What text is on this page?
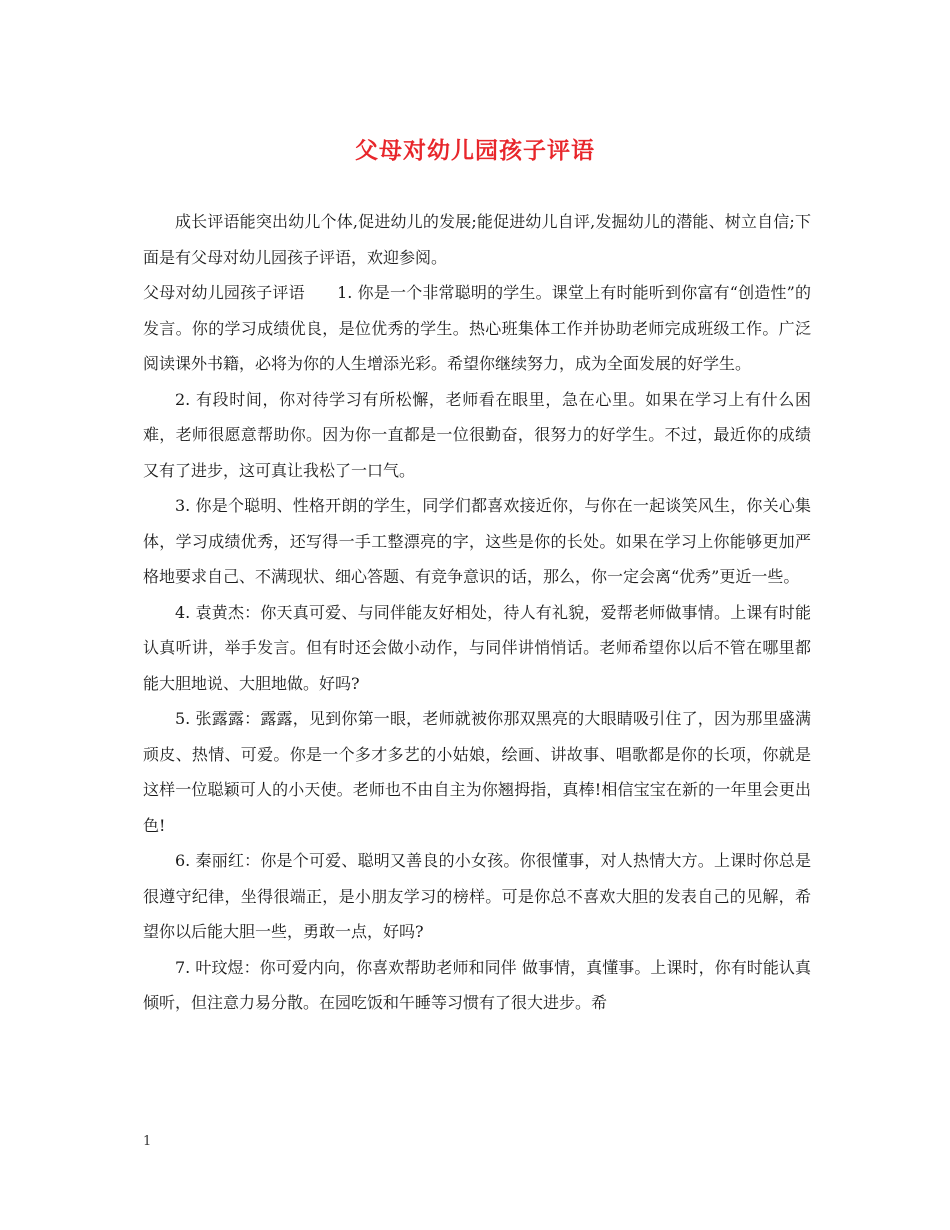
父母对幼儿园孩子评语

成长评语能突出幼儿个体,促进幼儿的发展;能促进幼儿自评,发掘幼儿的潜能、树立自信;下面是有父母对幼儿园孩子评语，欢迎参阅。

父母对幼儿园孩子评语　　1. 你是一个非常聪明的学生。课堂上有时能听到你富有“创造性”的发言。你的学习成绩优良，是位优秀的学生。热心班集体工作并协助老师完成班级工作。广泛阅读课外书籍，必将为你的人生增添光彩。希望你继续努力，成为全面发展的好学生。

2. 有段时间，你对待学习有所松懈，老师看在眼里，急在心里。如果在学习上有什么困难，老师很愿意帮助你。因为你一直都是一位很勤奋，很努力的好学生。不过，最近你的成绩又有了进步，这可真让我松了一口气。

3. 你是个聪明、性格开朗的学生，同学们都喜欢接近你，与你在一起谈笑风生，你关心集体，学习成绩优秀，还写得一手工整漂亮的字，这些是你的长处。如果在学习上你能够更加严格地要求自己、不满现状、细心答题、有竞争意识的话，那么，你一定会离“优秀”更近一些。

4. 袁黄杰：你天真可爱、与同伴能友好相处，待人有礼貌，爱帮老师做事情。上课有时能认真听讲，举手发言。但有时还会做小动作，与同伴讲悄悄话。老师希望你以后不管在哪里都能大胆地说、大胆地做。好吗?

5. 张露露：露露，见到你第一眼，老师就被你那双黑亮的大眼睛吸引住了，因为那里盛满顽皮、热情、可爱。你是一个多才多艺的小姑娘，绘画、讲故事、唱歌都是你的长项，你就是这样一位聪颖可人的小天使。老师也不由自主为你翘拇指，真棒!相信宝宝在新的一年里会更出色!

6. 秦丽红：你是个可爱、聪明又善良的小女孩。你很懂事，对人热情大方。上课时你总是很遵守纪律，坐得很端正，是小朋友学习的榜样。可是你总不喜欢大胆的发表自己的见解，希望你以后能大胆一些，勇敢一点，好吗?

7. 叶玟煜：你可爱内向，你喜欢帮助老师和同伴 做事情，真懂事。上课时，你有时能认真倾听，但注意力易分散。在园吃饭和午睡等习惯有了很大进步。希

1
